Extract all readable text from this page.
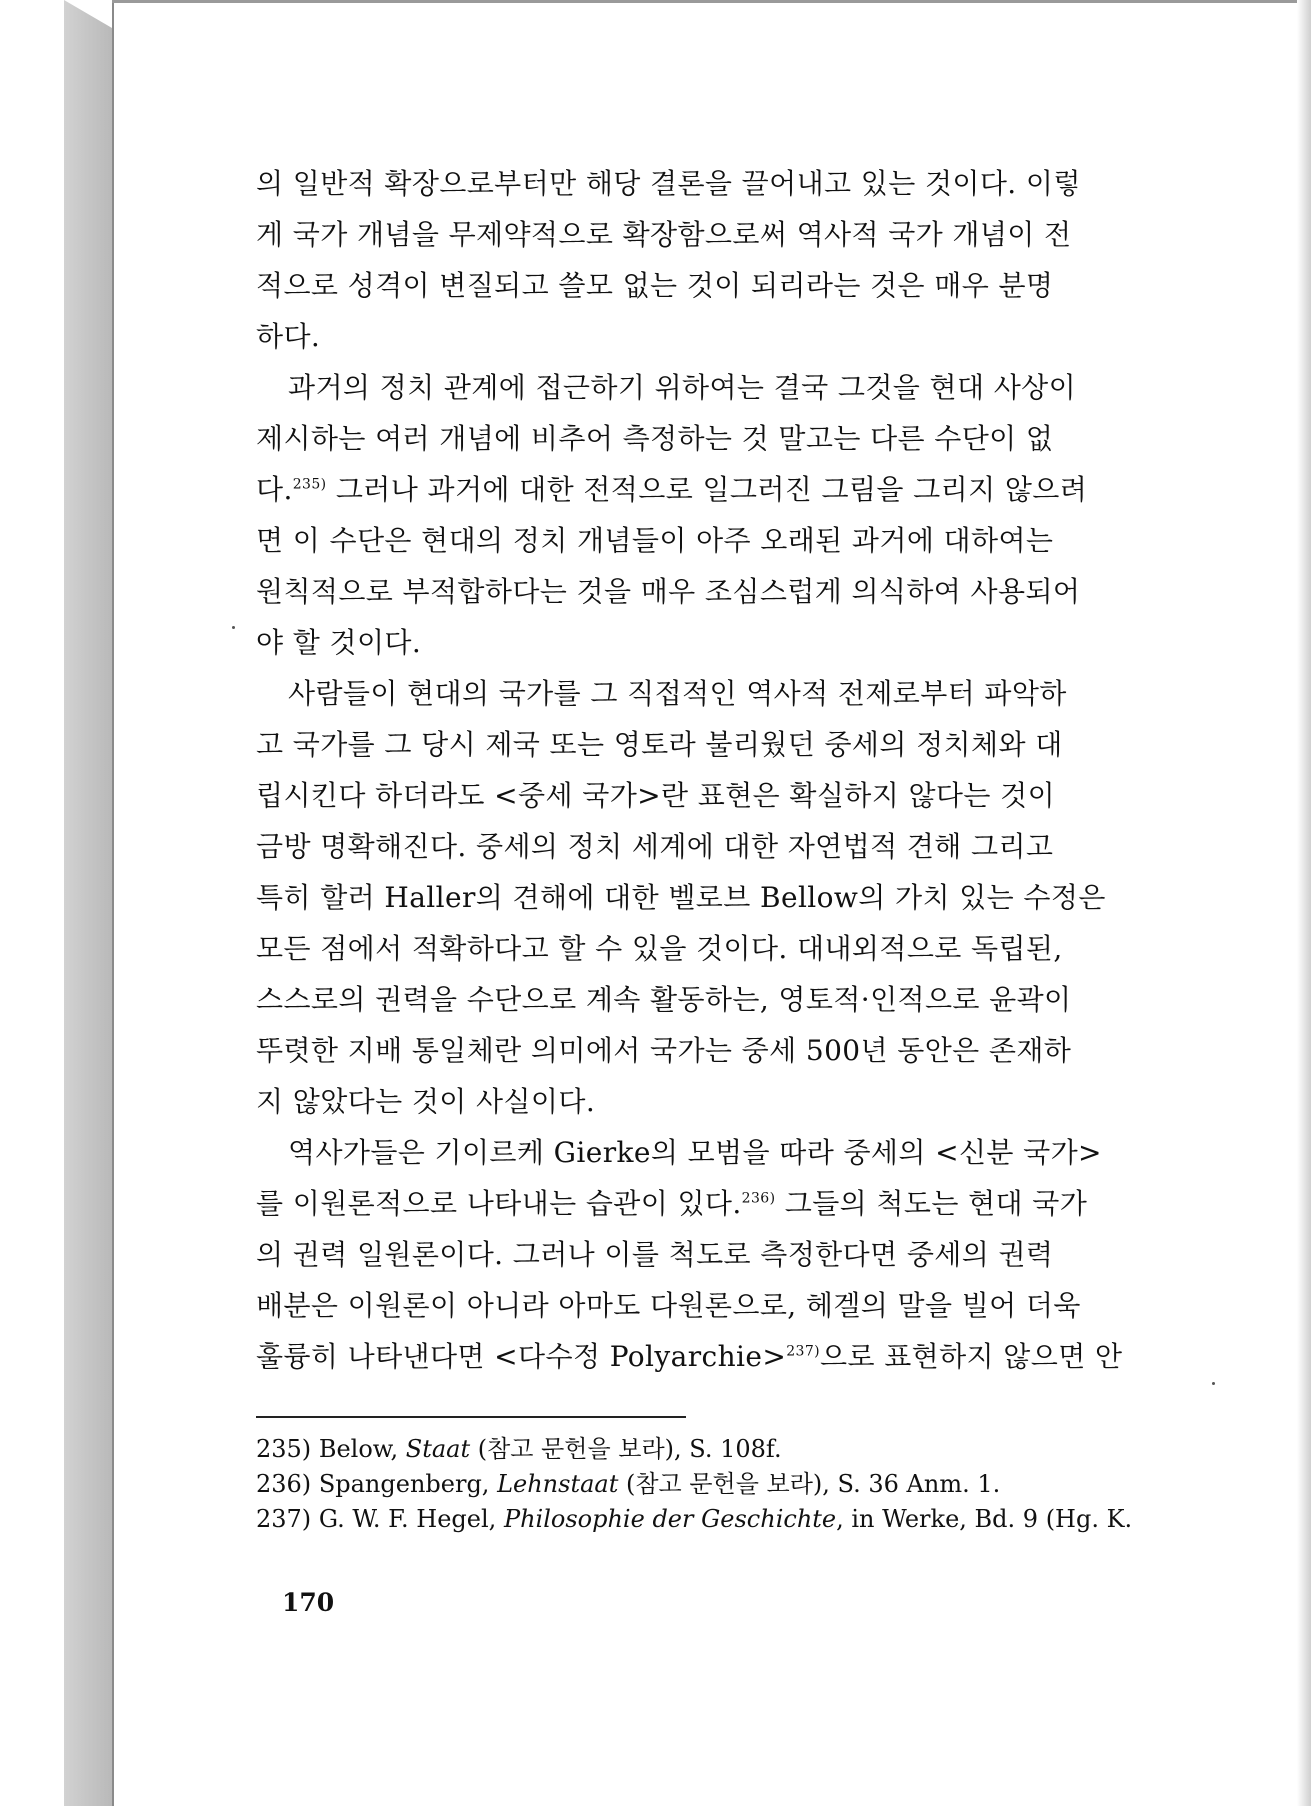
의 일반적 확장으로부터만 해당 결론을 끌어내고 있는 것이다. 이렇
게 국가 개념을 무제약적으로 확장함으로써 역사적 국가 개념이 전
적으로 성격이 변질되고 쓸모 없는 것이 되리라는 것은 매우 분명
하다.

과거의 정치 관계에 접근하기 위하여는 결국 그것을 현대 사상이
제시하는 여러 개념에 비추어 측정하는 것 말고는 다른 수단이 없
다.$^{235)}$ 그러나 과거에 대한 전적으로 일그러진 그림을 그리지 않으려
면 이 수단은 현대의 정치 개념들이 아주 오래된 과거에 대하여는
원칙적으로 부적합하다는 것을 매우 조심스럽게 의식하여 사용되어
야 할 것이다.

사람들이 현대의 국가를 그 직접적인 역사적 전제로부터 파악하
고 국가를 그 당시 제국 또는 영토라 불리웠던 중세의 정치체와 대
립시킨다 하더라도 <중세 국가>란 표현은 확실하지 않다는 것이
금방 명확해진다. 중세의 정치 세계에 대한 자연법적 견해 그리고
특히 할러 Haller의 견해에 대한 벨로브 Bellow의 가치 있는 수정은
모든 점에서 적확하다고 할 수 있을 것이다. 대내외적으로 독립된,
스스로의 권력을 수단으로 계속 활동하는, 영토적·인적으로 윤곽이
뚜렷한 지배 통일체란 의미에서 국가는 중세 500년 동안은 존재하
지 않았다는 것이 사실이다.

역사가들은 기이르케 Gierke의 모범을 따라 중세의 <신분 국가>
를 이원론적으로 나타내는 습관이 있다.$^{236)}$ 그들의 척도는 현대 국가
의 권력 일원론이다. 그러나 이를 척도로 측정한다면 중세의 권력
배분은 이원론이 아니라 아마도 다원론으로, 헤겔의 말을 빌어 더욱
훌륭히 나타낸다면 <다수정 Polyarchie>$^{237)}$으로 표현하지 않으면 안

235) Below, Staat (참고 문헌을 보라), S. 108f.
236) Spangenberg, Lehnstaat (참고 문헌을 보라), S. 36 Anm. 1.
237) G. W. F. Hegel, Philosophie der Geschichte, in Werke, Bd. 9 (Hg. K.
170
